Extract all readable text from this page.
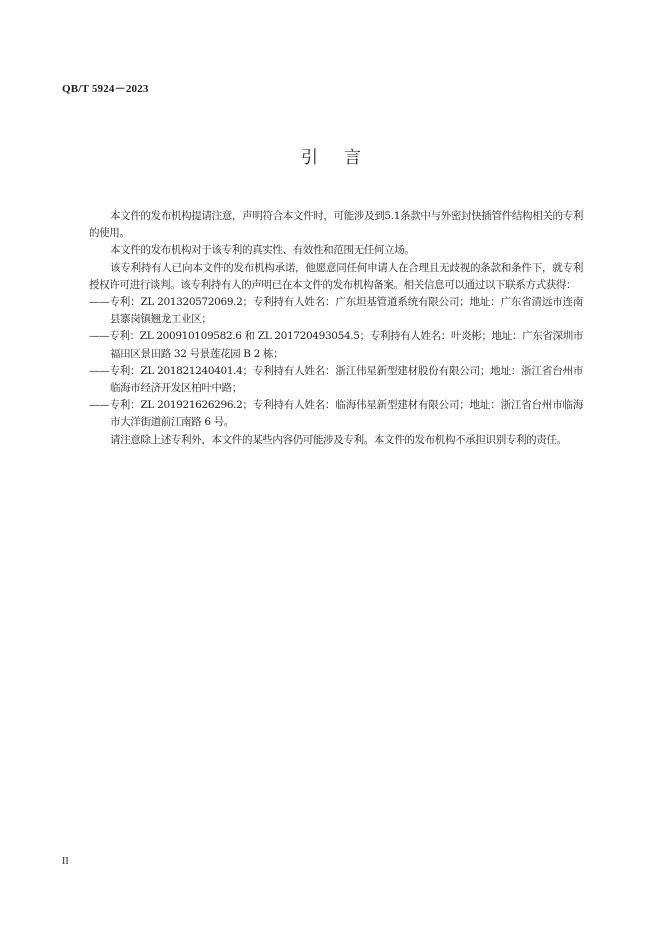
QB/T 5924－2023
引言

本文件的发布机构提请注意，声明符合本文件时，可能涉及到5.1条款中与外密封快插管件结构相关的专利的使用。

本文件的发布机构对于该专利的真实性、有效性和范围无任何立场。

该专利持有人已向本文件的发布机构承诺，他愿意同任何申请人在合理且无歧视的条款和条件下，就专利授权许可进行谈判。该专利持有人的声明已在本文件的发布机构备案。相关信息可以通过以下联系方式获得：

——专利：ZL 201320572069.2；专利持有人姓名：广东坦基管道系统有限公司；地址：广东省清远市连南县寨岗镇翘龙工业区；

——专利：ZL 200910109582.6 和 ZL 201720493054.5；专利持有人姓名：叶炎彬；地址：广东省深圳市福田区景田路 32 号景莲花园 B 2 栋；

——专利：ZL 201821240401.4；专利持有人姓名：浙江伟星新型建材股份有限公司；地址：浙江省台州市临海市经济开发区柏叶中路；

——专利：ZL 201921626296.2；专利持有人姓名：临海伟星新型建材有限公司；地址：浙江省台州市临海市大洋街道前江南路 6 号。

请注意除上述专利外，本文件的某些内容仍可能涉及专利。本文件的发布机构不承担识别专利的责任。

II
